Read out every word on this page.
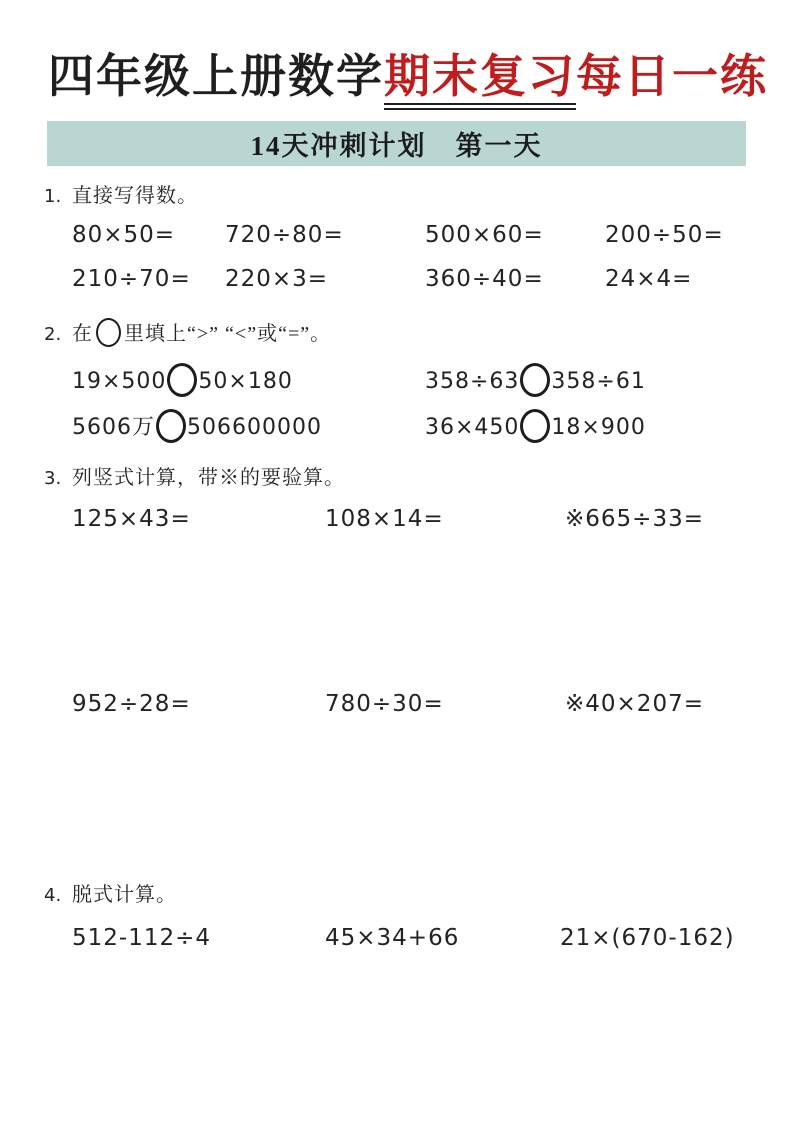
四年级上册数学期末复习每日一练
14天冲刺计划　第一天
1. 直接写得数。
80×50=	720÷80=	500×60=	200÷50=
210÷70=	220×3=	360÷40=	24×4=
2. 在 里填上“>” “<”或“=”。
19×500 50×180	358÷63 358÷61
5606万 506600000	36×450 18×900
3. 列竖式计算，带※的要验算。
125×43=	108×14=	※665÷33=
952÷28=	780÷30=	※40×207=
4. 脱式计算。
512-112÷4	45×34+66	21×(670-162)
